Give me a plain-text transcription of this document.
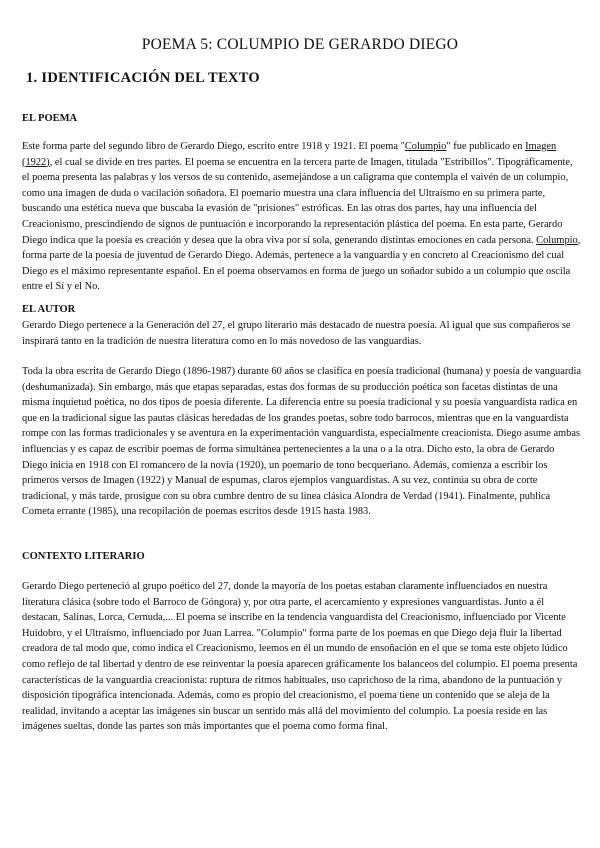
POEMA 5: COLUMPIO DE GERARDO DIEGO
1. IDENTIFICACIÓN DEL TEXTO
EL POEMA

Este forma parte del segundo libro de Gerardo Diego, escrito entre 1918 y 1921. El poema "Columpio" fue publicado en Imagen (1922), el cual se divide en tres partes. El poema se encuentra en la tercera parte de Imagen, titulada "Estribillos". Tipográficamente, el poema presenta las palabras y los versos de su contenido, asemejándose a un caligrama que contempla el vaivén de un columpio, como una imagen de duda o vacilación soñadora. El poemario muestra una clara influencia del Ultraísmo en su primera parte, buscando una estética nueva que buscaba la evasión de "prisiones" estróficas. En las otras dos partes, hay una influencia del Creacionismo, prescindiendo de signos de puntuación e incorporando la representación plástica del poema. En esta parte, Gerardo Diego indica que la poesía es creación y desea que la obra viva por sí sola, generando distintas emociones en cada persona. Columpio, forma parte de la poesía de juventud de Gerardo Diego. Además, pertenece a la vanguardia y en concreto al Creacionismo del cual Diego es el máximo representante español. En el poema observamos en forma de juego un soñador subido a un columpio que oscila entre el Sí y el No.

EL AUTOR

Gerardo Diego pertenece a la Generación del 27, el grupo literario más destacado de nuestra poesía. Al igual que sus compañeros se inspirará tanto en la tradición de nuestra literatura como en lo más novedoso de las vanguardias.

Toda la obra escrita de Gerardo Diego (1896-1987) durante 60 años se clasifica en poesía tradicional (humana) y poesía de vanguardia (deshumanizada). Sin embargo, más que etapas separadas, estas dos formas de su producción poética son facetas distintas de una misma inquietud poética, no dos tipos de poesía diferente. La diferencia entre su poesía tradicional y su poesía vanguardista radica en que en la tradicional sigue las pautas clásicas heredadas de los grandes poetas, sobre todo barrocos, mientras que en la vanguardista rompe con las formas tradicionales y se aventura en la experimentación vanguardista, especialmente creacionista. Diego asume ambas influencias y es capaz de escribir poemas de forma simultánea pertenecientes a la una o a la otra. Dicho esto, la obra de Gerardo Diego inicia en 1918 con El romancero de la novia (1920), un poemario de tono becqueriano. Además, comienza a escribir los primeros versos de Imagen (1922) y Manual de espumas, claros ejemplos vanguardistas. A su vez, continúa su obra de corte tradicional, y más tarde, prosigue con su obra cumbre dentro de su línea clásica Alondra de Verdad (1941). Finalmente, publica Cometa errante (1985), una recopilación de poemas escritos desde 1915 hasta 1983.

CONTEXTO LITERARIO

Gerardo Diego perteneció al grupo poético del 27, donde la mayoría de los poetas estaban claramente influenciados en nuestra literatura clásica (sobre todo el Barroco de Góngora) y, por otra parte, el acercamiento y expresiones vanguardistas. Junto a él destacan, Salinas, Lorca, Cernuda,... El poema se inscribe en la tendencia vanguardista del Creacionismo, influenciado por Vicente Huidobro, y el Ultraísmo, influenciado por Juan Larrea. "Columpio" forma parte de los poemas en que Diego deja fluir la libertad creadora de tal modo que, como indica el Creacionismo, leemos en él un mundo de ensoñación en el que se toma este objeto lúdico como reflejo de tal libertad y dentro de ese reinventar la poesía aparecen gráficamente los balanceos del columpio. El poema presenta características de la vanguardia creacionista: ruptura de ritmos habituales, uso caprichoso de la rima, abandono de la puntuación y disposición tipográfica intencionada. Además, como es propio del creacionismo, el poema tiene un contenido que se aleja de la realidad, invitando a aceptar las imágenes sin buscar un sentido más allá del movimiento del columpio. La poesía reside en las imágenes sueltas, donde las partes son más importantes que el poema como forma final.
